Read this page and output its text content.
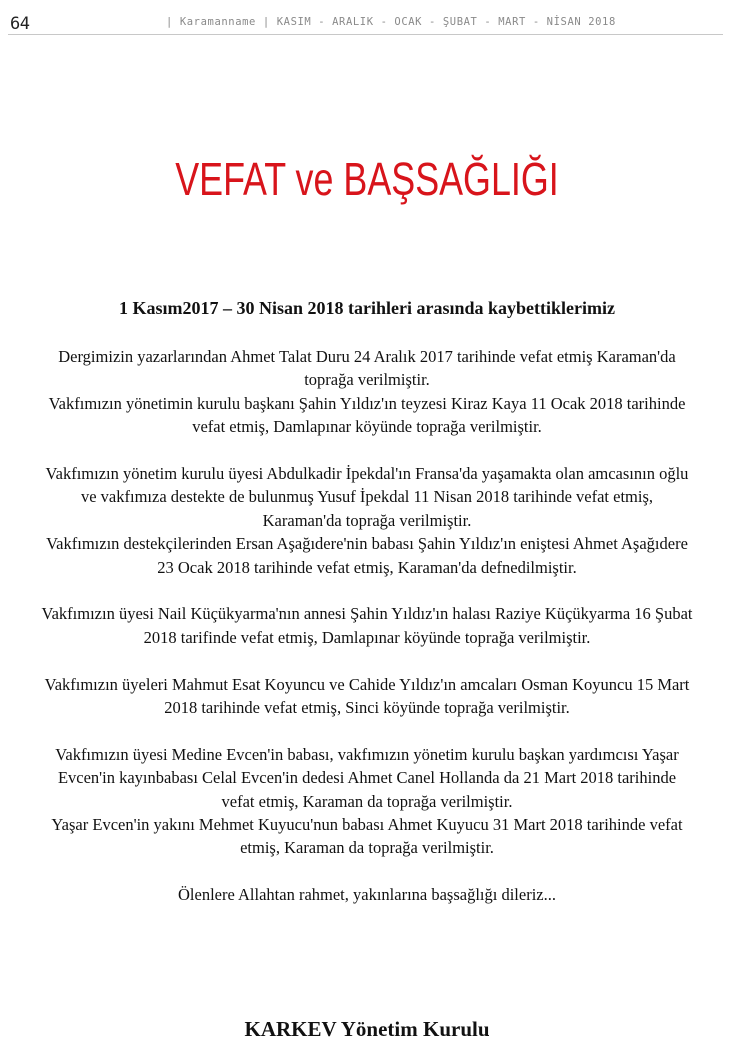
64	| Karamanname | KASIM - ARALIK - OCAK - ŞUBAT - MART - NİSAN 2018
VEFAT ve BAŞSAĞLIĞI
1 Kasım2017 – 30 Nisan 2018 tarihleri arasında kaybettiklerimiz

Dergimizin yazarlarından Ahmet Talat Duru 24 Aralık 2017 tarihinde vefat etmiş Karaman'da toprağa verilmiştir.

Vakfımızın yönetimin kurulu başkanı Şahin Yıldız'ın teyzesi Kiraz Kaya 11 Ocak 2018 tarihinde vefat etmiş, Damlapınar köyünde toprağa verilmiştir.

Vakfımızın yönetim kurulu üyesi Abdulkadir İpekdal'ın Fransa'da yaşamakta olan amcasının oğlu ve vakfımıza destekte de bulunmuş Yusuf İpekdal 11 Nisan 2018 tarihinde vefat etmiş, Karaman'da toprağa verilmiştir.

Vakfımızın destekçilerinden Ersan Aşağıdere'nin babası Şahin Yıldız'ın eniştesi Ahmet Aşağıdere 23 Ocak 2018 tarihinde vefat etmiş, Karaman'da defnedilmiştir.

Vakfımızın üyesi Nail Küçükyarma'nın annesi Şahin Yıldız'ın halası Raziye Küçükyarma 16 Şubat 2018 tarifinde vefat etmiş, Damlapınar köyünde toprağa verilmiştir.

Vakfımızın üyeleri Mahmut Esat Koyuncu ve Cahide Yıldız'ın amcaları Osman Koyuncu 15 Mart 2018 tarihinde vefat etmiş, Sinci köyünde toprağa verilmiştir.

Vakfımızın üyesi Medine Evcen'in babası, vakfımızın yönetim kurulu başkan yardımcısı Yaşar Evcen'in kayınbabası Celal Evcen'in dedesi Ahmet Canel Hollanda da 21 Mart 2018 tarihinde vefat etmiş, Karaman da toprağa verilmiştir.

Yaşar Evcen'in yakını Mehmet Kuyucu'nun babası Ahmet Kuyucu 31 Mart 2018 tarihinde vefat etmiş, Karaman da toprağa verilmiştir.

Ölenlere Allahtan rahmet, yakınlarına başsağlığı dileriz...

KARKEV Yönetim Kurulu
